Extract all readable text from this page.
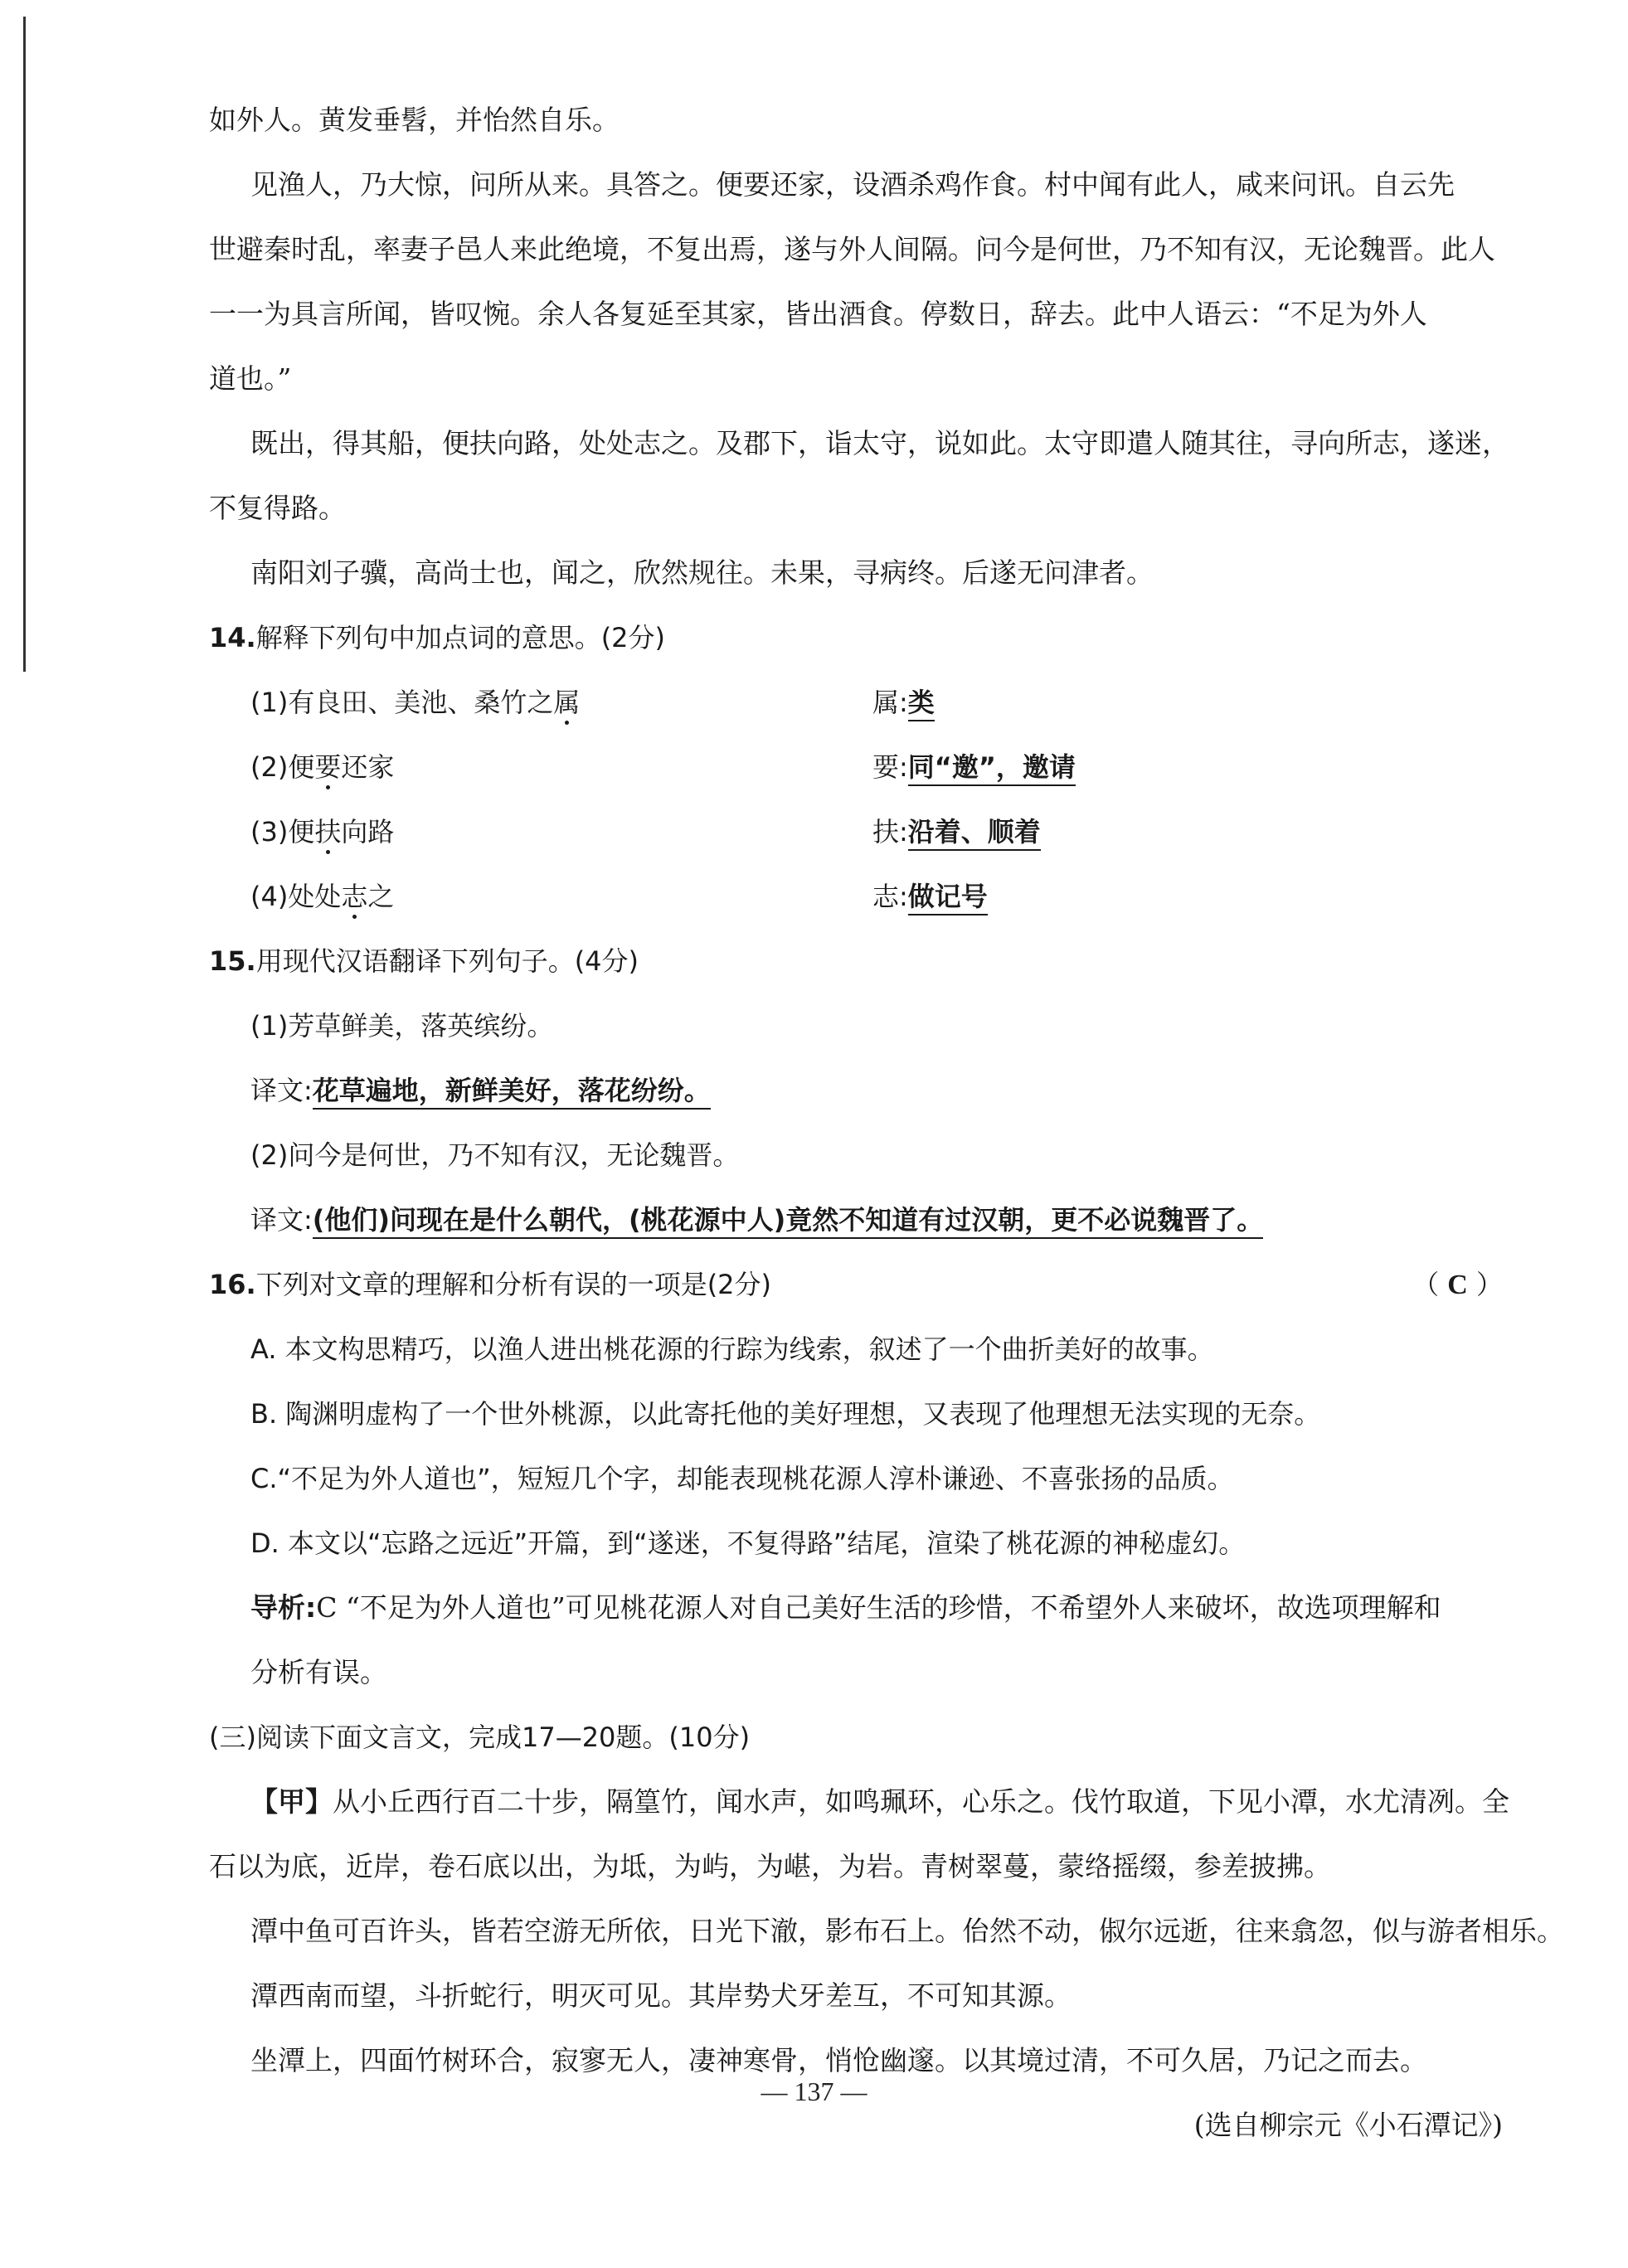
如外人。黄发垂髫，并怡然自乐。
见渔人，乃大惊，问所从来。具答之。便要还家，设酒杀鸡作食。村中闻有此人，咸来问讯。自云先
世避秦时乱，率妻子邑人来此绝境，不复出焉，遂与外人间隔。问今是何世，乃不知有汉，无论魏晋。此人
一一为具言所闻，皆叹惋。余人各复延至其家，皆出酒食。停数日，辞去。此中人语云：“不足为外人
道也。”
既出，得其船，便扶向路，处处志之。及郡下，诣太守，说如此。太守即遣人随其往，寻向所志，遂迷，
不复得路。
南阳刘子骥，高尚士也，闻之，欣然规往。未果，寻病终。后遂无问津者。
14.解释下列句中加点词的意思。(2分)
(1)有良田、美池、桑竹之属	属:类
(2)便要还家	要:同“邀”，邀请
(3)便扶向路	扶:沿着、顺着
(4)处处志之	志:做记号
15.用现代汉语翻译下列句子。(4分)
(1)芳草鲜美，落英缤纷。
译文:花草遍地，新鲜美好，落花纷纷。
(2)问今是何世，乃不知有汉，无论魏晋。
译文:(他们)问现在是什么朝代，(桃花源中人)竟然不知道有过汉朝，更不必说魏晋了。
16.下列对文章的理解和分析有误的一项是(2分)	（ C ）
A. 本文构思精巧，以渔人进出桃花源的行踪为线索，叙述了一个曲折美好的故事。
B. 陶渊明虚构了一个世外桃源，以此寄托他的美好理想，又表现了他理想无法实现的无奈。
C.“不足为外人道也”，短短几个字，却能表现桃花源人淳朴谦逊、不喜张扬的品质。
D. 本文以“忘路之远近”开篇，到“遂迷，不复得路”结尾，渲染了桃花源的神秘虚幻。
导析:C “不足为外人道也”可见桃花源人对自己美好生活的珍惜，不希望外人来破坏，故选项理解和
分析有误。
(三)阅读下面文言文，完成17—20题。(10分)
【甲】从小丘西行百二十步，隔篁竹，闻水声，如鸣珮环，心乐之。伐竹取道，下见小潭，水尤清冽。全
石以为底，近岸，卷石底以出，为坻，为屿，为嵁，为岩。青树翠蔓，蒙络摇缀，参差披拂。
潭中鱼可百许头，皆若空游无所依，日光下澈，影布石上。佁然不动，俶尔远逝，往来翕忽，似与游者相乐。
潭西南而望，斗折蛇行，明灭可见。其岸势犬牙差互，不可知其源。
坐潭上，四面竹树环合，寂寥无人，凄神寒骨，悄怆幽邃。以其境过清，不可久居，乃记之而去。
(选自柳宗元《小石潭记》)
— 137 —
